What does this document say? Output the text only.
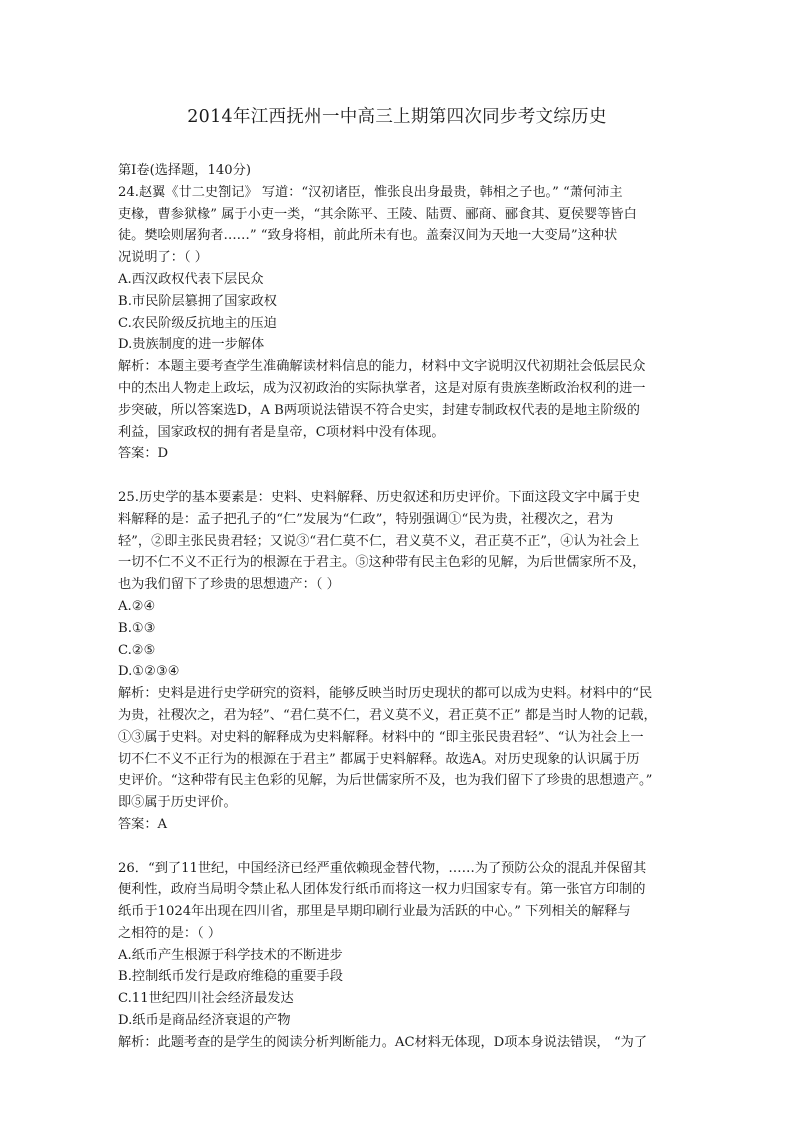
2014年江西抚州一中高三上期第四次同步考文综历史
第Ⅰ卷(选择题，140分)
24.赵翼《廿二史劄记》 写道：“汉初诸臣，惟张良出身最贵，韩相之子也。” “萧何沛主
吏椽，曹参狱椽” 属于小吏一类，“其余陈平、王陵、陆贾、郦商、郦食其、夏侯婴等皆白
徒。樊哙则屠狗者……” “致身将相，前此所未有也。盖秦汉间为天地一大变局”这种状
况说明了：（ ）
A.西汉政权代表下层民众
B.市民阶层篡拥了国家政权
C.农民阶级反抗地主的压迫
D.贵族制度的进一步解体
解析：本题主要考查学生准确解读材料信息的能力，材料中文字说明汉代初期社会低层民众
中的杰出人物走上政坛，成为汉初政治的实际执掌者，这是对原有贵族垄断政治权利的进一
步突破，所以答案选D，A B两项说法错误不符合史实，封建专制政权代表的是地主阶级的
利益，国家政权的拥有者是皇帝，C项材料中没有体现。
答案：D
25.历史学的基本要素是：史料、史料解释、历史叙述和历史评价。下面这段文字中属于史
料解释的是：孟子把孔子的“仁”发展为“仁政”，特别强调①“民为贵，社稷次之，君为
轻”，②即主张民贵君轻；又说③“君仁莫不仁，君义莫不义，君正莫不正”，④认为社会上
一切不仁不义不正行为的根源在于君主。⑤这种带有民主色彩的见解，为后世儒家所不及，
也为我们留下了珍贵的思想遗产：（ ）
A.②④
B.①③
C.②⑤
D.①②③④
解析：史料是进行史学研究的资料，能够反映当时历史现状的都可以成为史料。材料中的“民
为贵，社稷次之，君为轻”、“君仁莫不仁，君义莫不义，君正莫不正” 都是当时人物的记载，
①③属于史料。对史料的解释成为史料解释。材料中的 “即主张民贵君轻”、“认为社会上一
切不仁不义不正行为的根源在于君主” 都属于史料解释。故选A。对历史现象的认识属于历
史评价。“这种带有民主色彩的见解，为后世儒家所不及，也为我们留下了珍贵的思想遗产。”
即⑤属于历史评价。
答案：A
26．“到了11世纪，中国经济已经严重依赖现金替代物，……为了预防公众的混乱并保留其
便利性，政府当局明令禁止私人团体发行纸币而将这一权力归国家专有。第一张官方印制的
纸币于1024年出现在四川省，那里是早期印刷行业最为活跃的中心。” 下列相关的解释与
之相符的是：（ ）
A.纸币产生根源于科学技术的不断进步
B.控制纸币发行是政府维稳的重要手段
C.11世纪四川社会经济最发达
D.纸币是商品经济衰退的产物
解析：此题考查的是学生的阅读分析判断能力。AC材料无体现，D项本身说法错误， “为了
